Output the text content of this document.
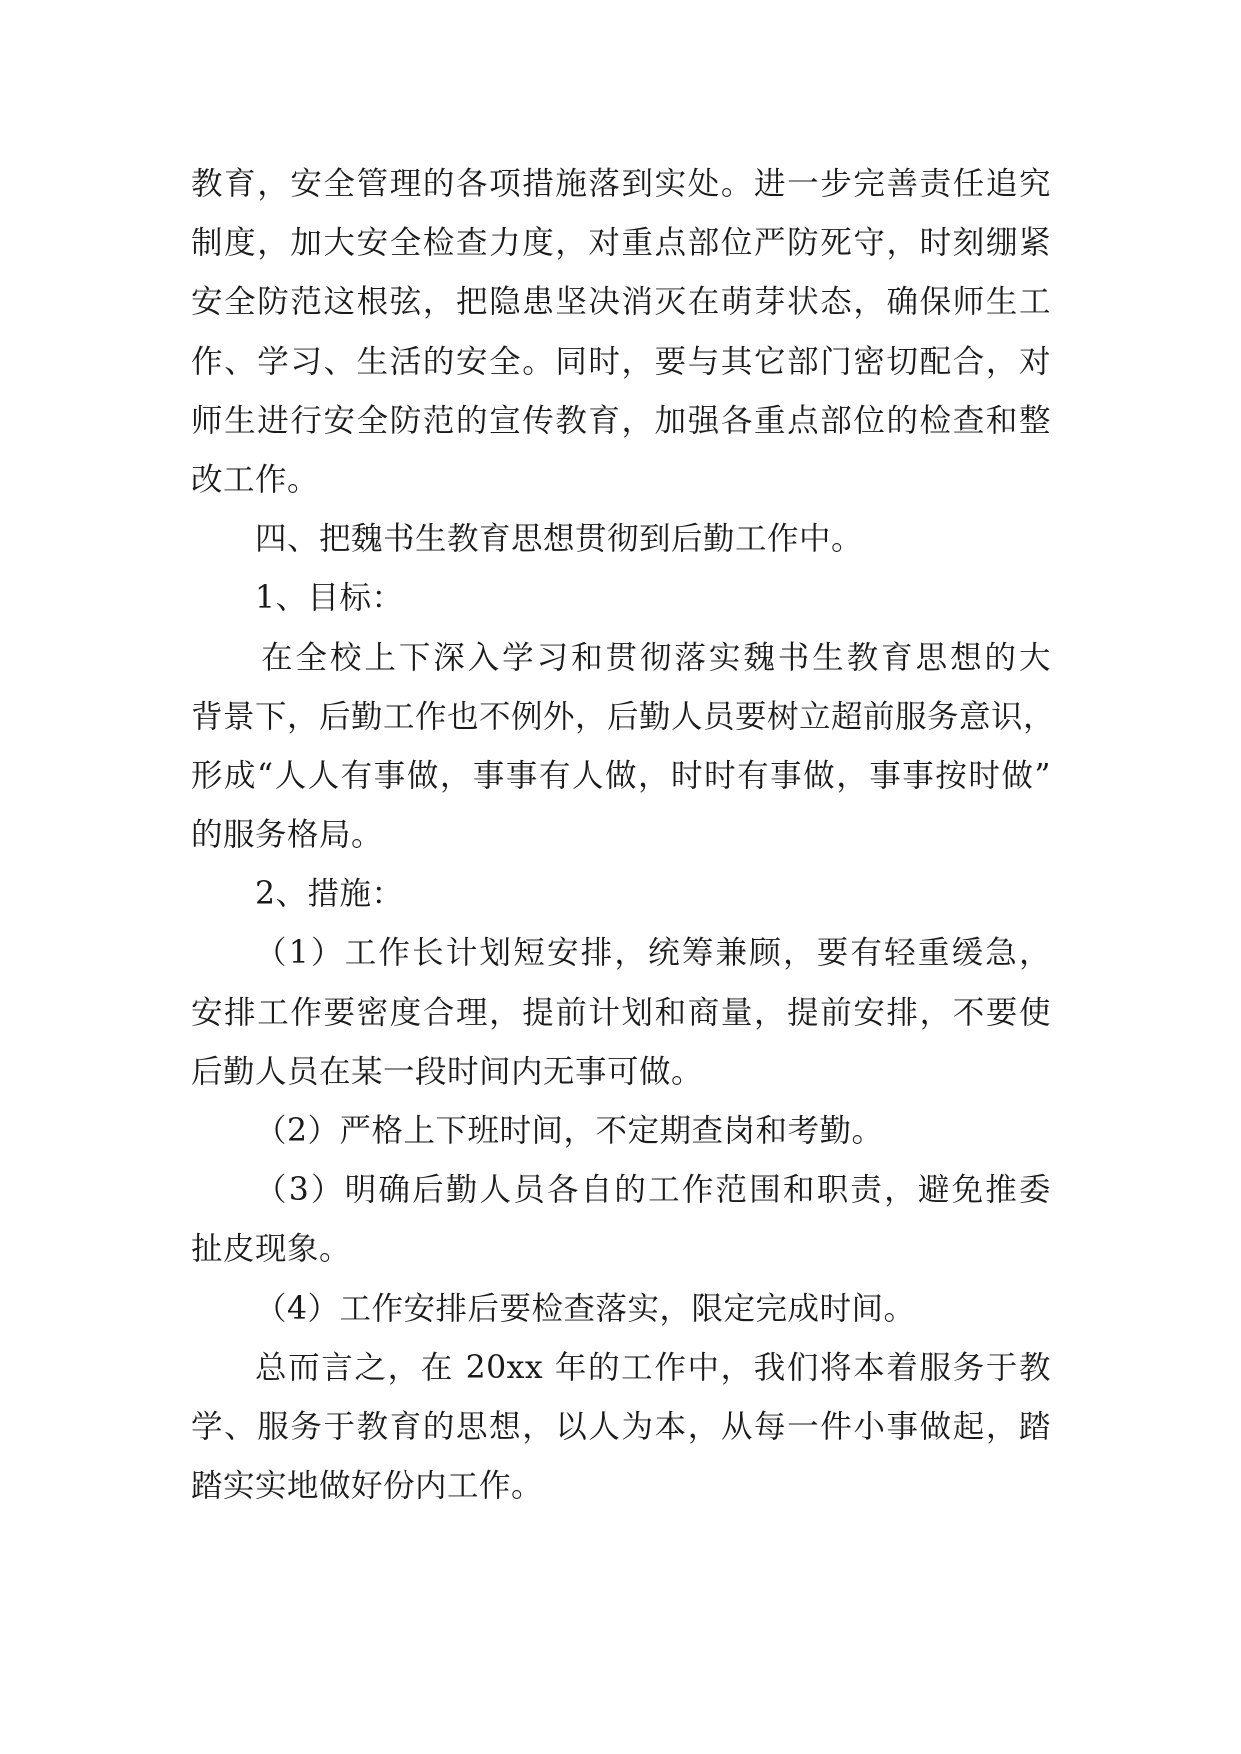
教育，安全管理的各项措施落到实处。进一步完善责任追究
制度，加大安全检查力度，对重点部位严防死守，时刻绷紧
安全防范这根弦，把隐患坚决消灭在萌芽状态，确保师生工
作、学习、生活的安全。同时，要与其它部门密切配合，对
师生进行安全防范的宣传教育，加强各重点部位的检查和整
改工作。
四、把魏书生教育思想贯彻到后勤工作中。
1、目标：
在全校上下深入学习和贯彻落实魏书生教育思想的大
背景下，后勤工作也不例外，后勤人员要树立超前服务意识，
形成“人人有事做，事事有人做，时时有事做，事事按时做”
的服务格局。
2、措施：
（1）工作长计划短安排，统筹兼顾，要有轻重缓急，
安排工作要密度合理，提前计划和商量，提前安排，不要使
后勤人员在某一段时间内无事可做。
（2）严格上下班时间，不定期查岗和考勤。
（3）明确后勤人员各自的工作范围和职责，避免推委
扯皮现象。
（4）工作安排后要检查落实，限定完成时间。
总而言之，在 20xx 年的工作中，我们将本着服务于教
学、服务于教育的思想，以人为本，从每一件小事做起，踏
踏实实地做好份内工作。
